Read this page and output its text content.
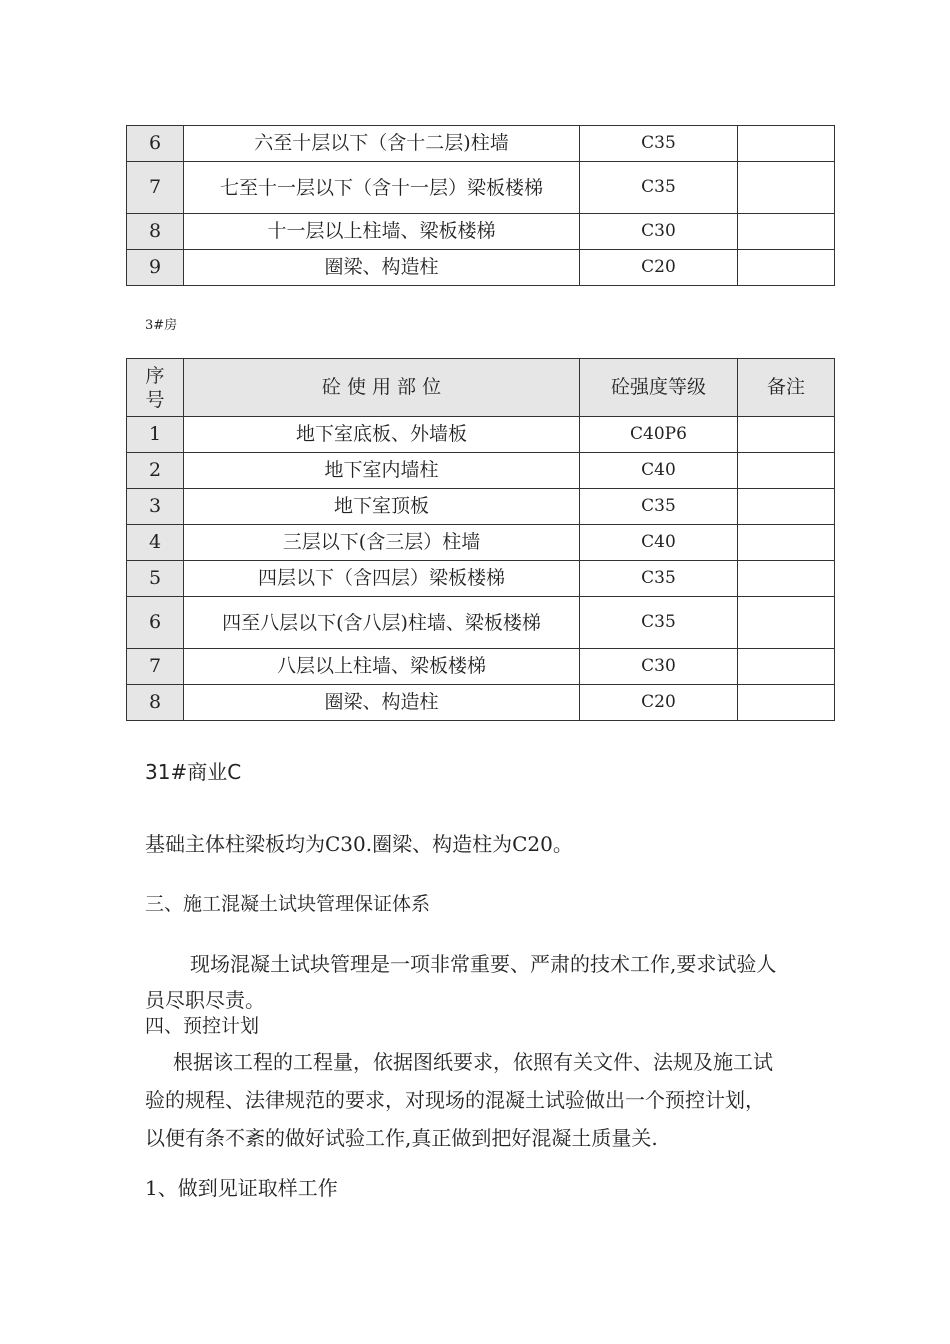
6	六至十层以下（含十二层)柱墙	C35	
7	七至十一层以下（含十一层）梁板楼梯	C35	
8	十一层以上柱墙、梁板楼梯	C30	
9	圈梁、构造柱	C20	
3#房
序号	砼 使 用 部 位	砼强度等级	备注
1	地下室底板、外墙板	C40P6	
2	地下室内墙柱	C40	
3	地下室顶板	C35	
4	三层以下(含三层）柱墙	C40	
5	四层以下（含四层）梁板楼梯	C35	
6	四至八层以下(含八层)柱墙、梁板楼梯	C35	
7	八层以上柱墙、梁板楼梯	C30	
8	圈梁、构造柱	C20	
31#商业C
基础主体柱梁板均为C30.圈梁、构造柱为C20。
三、施工混凝土试块管理保证体系
现场混凝土试块管理是一项非常重要、严肃的技术工作,要求试验人
员尽职尽责。
四、预控计划
根据该工程的工程量，依据图纸要求，依照有关文件、法规及施工试
验的规程、法律规范的要求，对现场的混凝土试验做出一个预控计划，
以便有条不紊的做好试验工作,真正做到把好混凝土质量关.
1、做到见证取样工作
